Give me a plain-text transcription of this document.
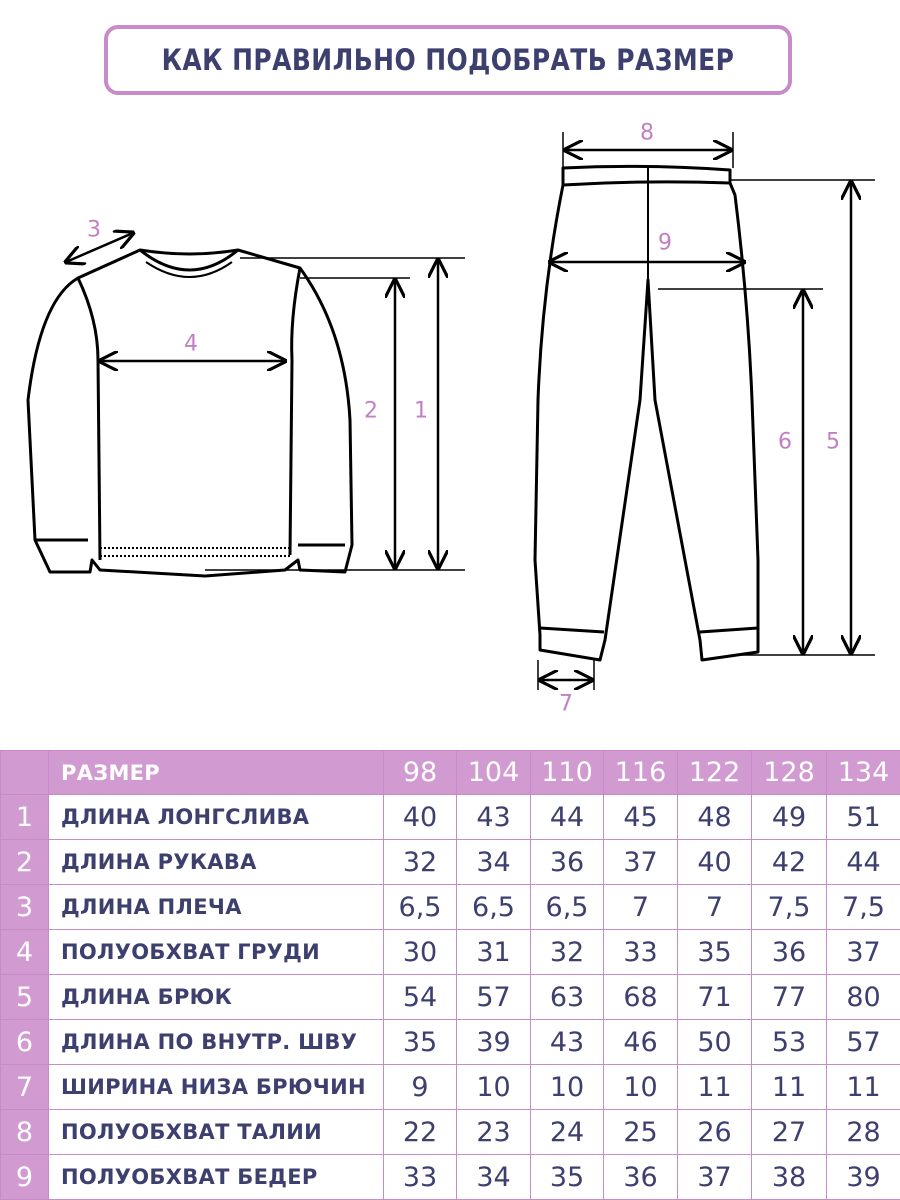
КАК ПРАВИЛЬНО ПОДОБРАТЬ РАЗМЕР
3
4
2 1
8
9
6 5
7
	РАЗМЕР	98	104	110	116	122	128	134
1	ДЛИНА ЛОНГСЛИВА	40	43	44	45	48	49	51
2	ДЛИНА РУКАВА	32	34	36	37	40	42	44
3	ДЛИНА ПЛЕЧА	6,5	6,5	6,5	7	7	7,5	7,5
4	ПОЛУОБХВАТ ГРУДИ	30	31	32	33	35	36	37
5	ДЛИНА БРЮК	54	57	63	68	71	77	80
6	ДЛИНА ПО ВНУТР. ШВУ	35	39	43	46	50	53	57
7	ШИРИНА НИЗА БРЮЧИН	9	10	10	10	11	11	11
8	ПОЛУОБХВАТ ТАЛИИ	22	23	24	25	26	27	28
9	ПОЛУОБХВАТ БЕДЕР	33	34	35	36	37	38	39
